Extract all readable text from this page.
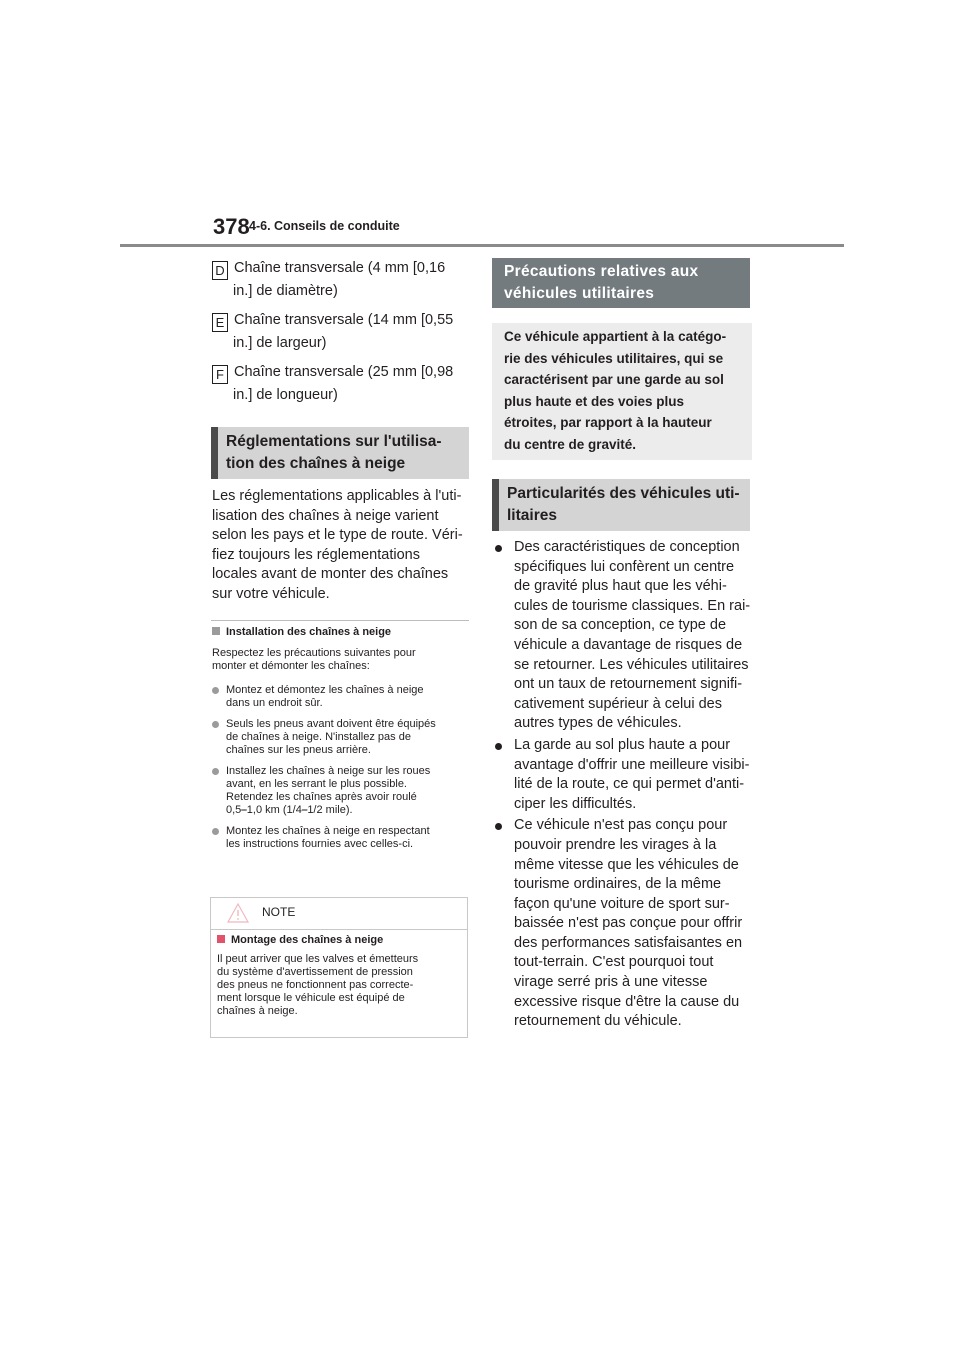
378 4-6. Conseils de conduite
D Chaîne transversale (4 mm [0,16
in.] de diamètre)
E Chaîne transversale (14 mm [0,55
in.] de largeur)
F Chaîne transversale (25 mm [0,98
in.] de longueur)
Réglementations sur l'utilisa-
tion des chaînes à neige
Les réglementations applicables à l'uti-
lisation des chaînes à neige varient
selon les pays et le type de route. Véri-
fiez toujours les réglementations
locales avant de monter des chaînes
sur votre véhicule.
Installation des chaînes à neige
Respectez les précautions suivantes pour
monter et démonter les chaînes:
Montez et démontez les chaînes à neige
dans un endroit sûr.
Seuls les pneus avant doivent être équipés
de chaînes à neige. N'installez pas de
chaînes sur les pneus arrière.
Installez les chaînes à neige sur les roues
avant, en les serrant le plus possible.
Retendez les chaînes après avoir roulé
0,5⎯1,0 km (1/4⎯1/2 mile).
Montez les chaînes à neige en respectant
les instructions fournies avec celles-ci.
NOTE
Montage des chaînes à neige
Il peut arriver que les valves et émetteurs
du système d'avertissement de pression
des pneus ne fonctionnent pas correcte-
ment lorsque le véhicule est équipé de
chaînes à neige.
Précautions relatives aux
véhicules utilitaires
Ce véhicule appartient à la catégo-
rie des véhicules utilitaires, qui se
caractérisent par une garde au sol
plus haute et des voies plus
étroites, par rapport à la hauteur
du centre de gravité.
Particularités des véhicules uti-
litaires
Des caractéristiques de conception
spécifiques lui confèrent un centre
de gravité plus haut que les véhi-
cules de tourisme classiques. En rai-
son de sa conception, ce type de
véhicule a davantage de risques de
se retourner. Les véhicules utilitaires
ont un taux de retournement signifi-
cativement supérieur à celui des
autres types de véhicules.
La garde au sol plus haute a pour
avantage d'offrir une meilleure visibi-
lité de la route, ce qui permet d'anti-
ciper les difficultés.
Ce véhicule n'est pas conçu pour
pouvoir prendre les virages à la
même vitesse que les véhicules de
tourisme ordinaires, de la même
façon qu'une voiture de sport sur-
baissée n'est pas conçue pour offrir
des performances satisfaisantes en
tout-terrain. C'est pourquoi tout
virage serré pris à une vitesse
excessive risque d'être la cause du
retournement du véhicule.
